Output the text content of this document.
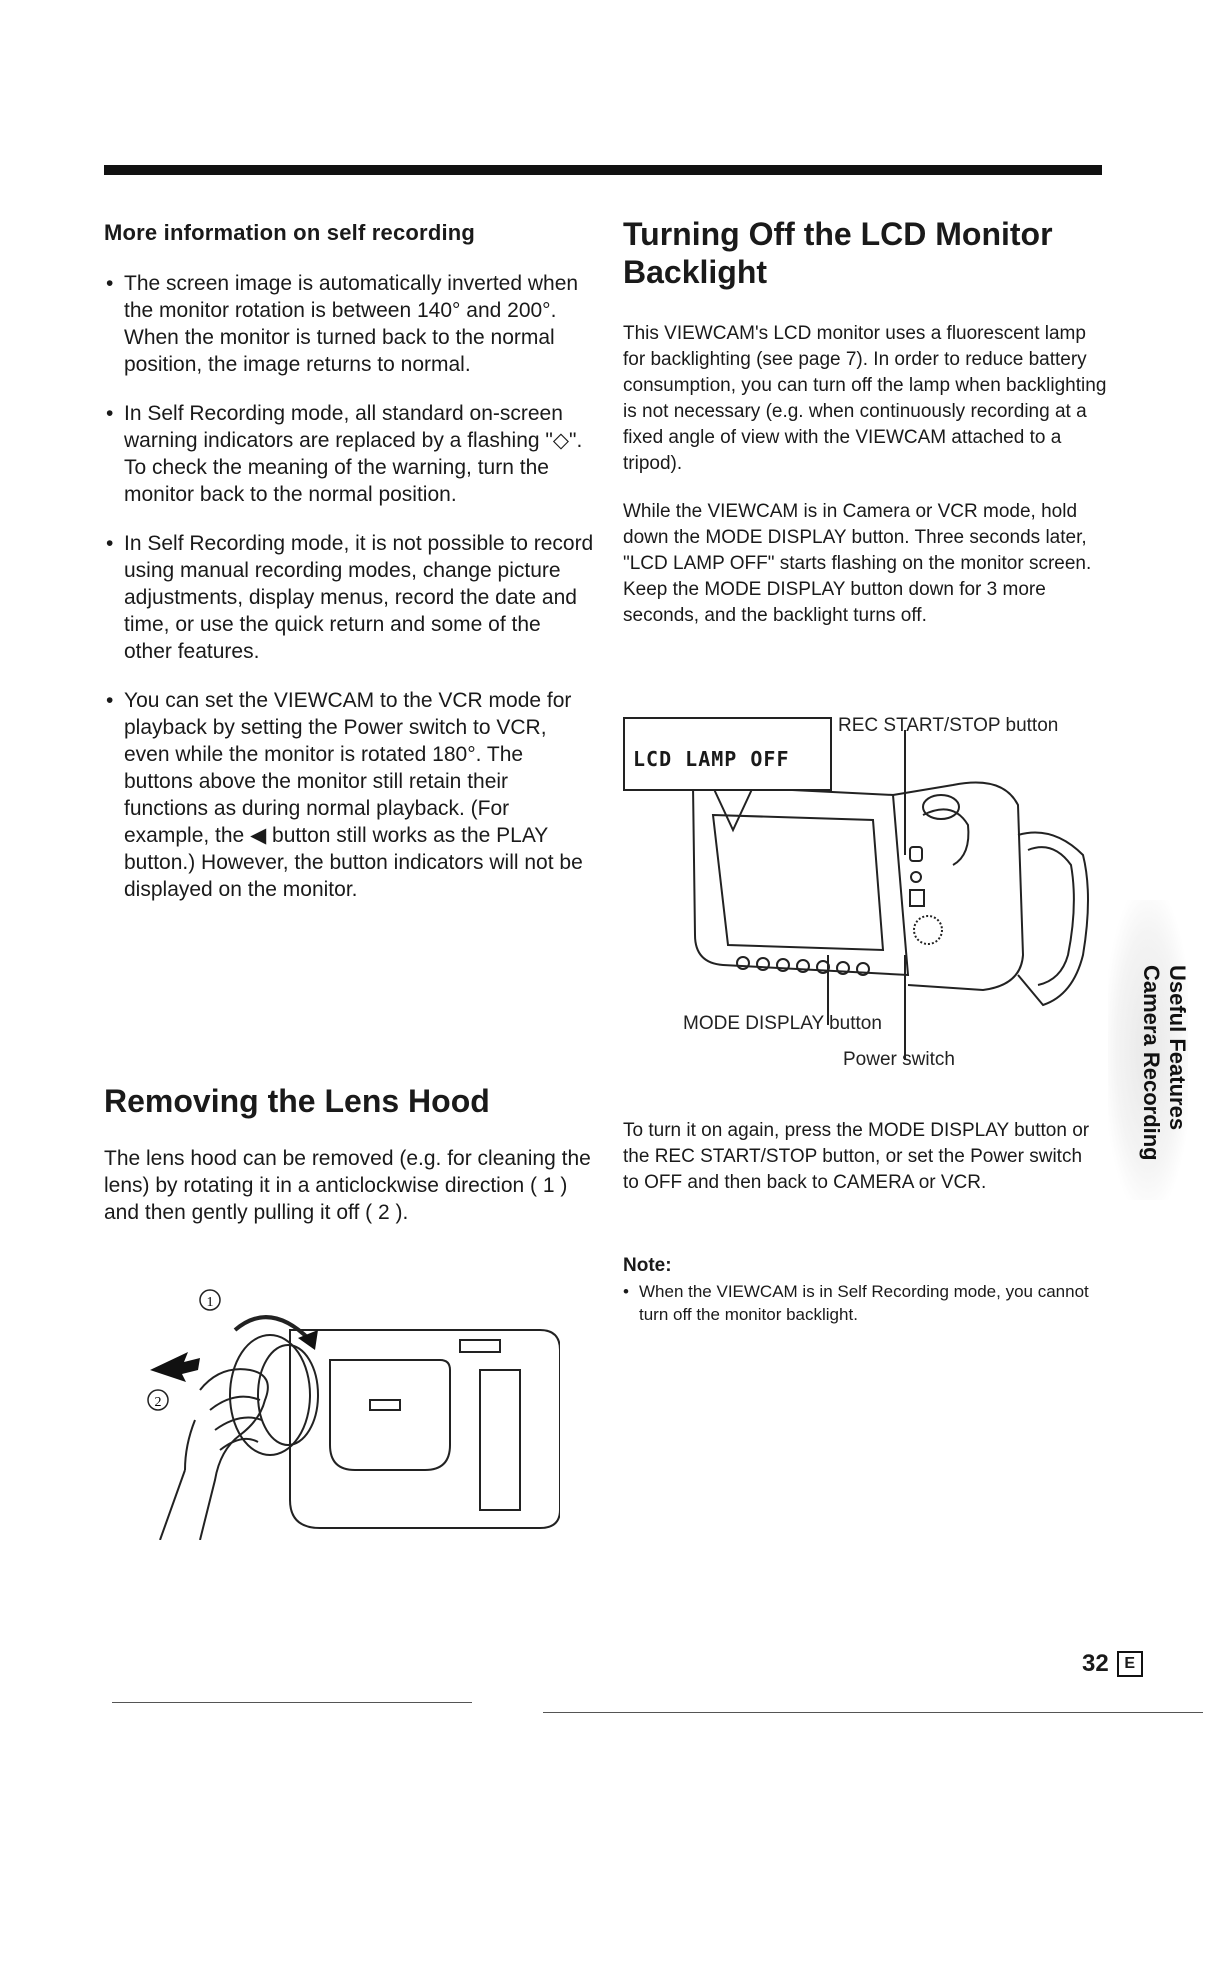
More information on self recording
• The screen image is automatically inverted when the monitor rotation is between 140° and 200°. When the monitor is turned back to the normal position, the image returns to normal.
• In Self Recording mode, all standard on-screen warning indicators are replaced by a flashing "◇". To check the meaning of the warning, turn the monitor back to the normal position.
• In Self Recording mode, it is not possible to record using manual recording modes, change picture adjustments, display menus, record the date and time, or use the quick return and some of the other features.
• You can set the VIEWCAM to the VCR mode for playback by setting the Power switch to VCR, even while the monitor is rotated 180°. The buttons above the monitor still retain their functions as during normal playback. (For example, the ◀ button still works as the PLAY button.) However, the button indicators will not be displayed on the monitor.
Removing the Lens Hood

The lens hood can be removed (e.g. for cleaning the lens) by rotating it in a anticlockwise direction ( 1 ) and then gently pulling it off ( 2 ).

1
2
Turning Off the LCD Monitor Backlight

This VIEWCAM's LCD monitor uses a fluorescent lamp for backlighting (see page 7). In order to reduce battery consumption, you can turn off the lamp when backlighting is not necessary (e.g. when continuously recording at a fixed angle of view with the VIEWCAM attached to a tripod).

While the VIEWCAM is in Camera or VCR mode, hold down the MODE DISPLAY button. Three seconds later, "LCD LAMP OFF" starts flashing on the monitor screen. Keep the MODE DISPLAY button down for 3 more seconds, and the backlight turns off.

LCD LAMP OFF
REC START/STOP button
MODE DISPLAY button
Power switch

To turn it on again, press the MODE DISPLAY button or the REC START/STOP button, or set the Power switch to OFF and then back to CAMERA or VCR.

Note:

• When the VIEWCAM is in Self Recording mode, you cannot turn off the monitor backlight.

Useful Features
Camera Recording
32 E
